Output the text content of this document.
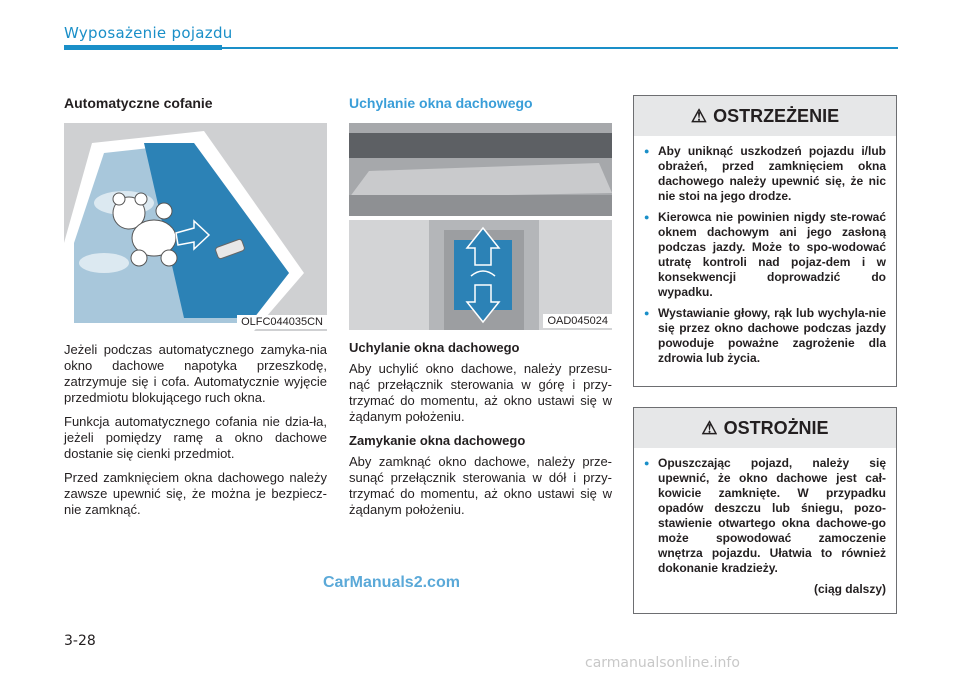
Wyposażenie pojazdu
Automatyczne cofanie
OLFC044035CN

Jeżeli podczas automatycznego zamyka-nia okno dachowe napotyka przeszkodę, zatrzymuje się i cofa. Automatycznie wyjęcie przedmiotu blokującego ruch okna.

Funkcja automatycznego cofania nie dzia-ła, jeżeli pomiędzy ramę a okno dachowe dostanie się cienki przedmiot.

Przed zamknięciem okna dachowego należy zawsze upewnić się, że można je bezpiecz-nie zamknąć.

Uchylanie okna dachowego
OAD045024
Uchylanie okna dachowego

Aby uchylić okno dachowe, należy przesu-nąć przełącznik sterowania w górę i przy-trzymać do momentu, aż okno ustawi się w żądanym położeniu.

Zamykanie okna dachowego

Aby zamknąć okno dachowe, należy prze-sunąć przełącznik sterowania w dół i przy-trzymać do momentu, aż okno ustawi się w żądanym położeniu.

⚠ OSTRZEŻENIE
● Aby uniknąć uszkodzeń pojazdu i/lub obrażeń, przed zamknięciem okna dachowego należy upewnić się, że nic nie stoi na jego drodze.
● Kierowca nie powinien nigdy ste-rować oknem dachowym ani jego zasłoną podczas jazdy. Może to spo-wodować utratę kontroli nad pojaz-dem i w konsekwencji doprowadzić do wypadku.
● Wystawianie głowy, rąk lub wychyla-nie się przez okno dachowe podczas jazdy powoduje poważne zagrożenie dla zdrowia lub życia.
⚠ OSTROŻNIE
● Opuszczając pojazd, należy się upewnić, że okno dachowe jest cał-kowicie zamknięte. W przypadku opadów deszczu lub śniegu, pozo-stawienie otwartego okna dachowe-go może spowodować zamoczenie wnętrza pojazdu. Ułatwia to również dokonanie kradzieży.
(ciąg dalszy)
CarManuals2.com
3-28
carmanualsonline.info
